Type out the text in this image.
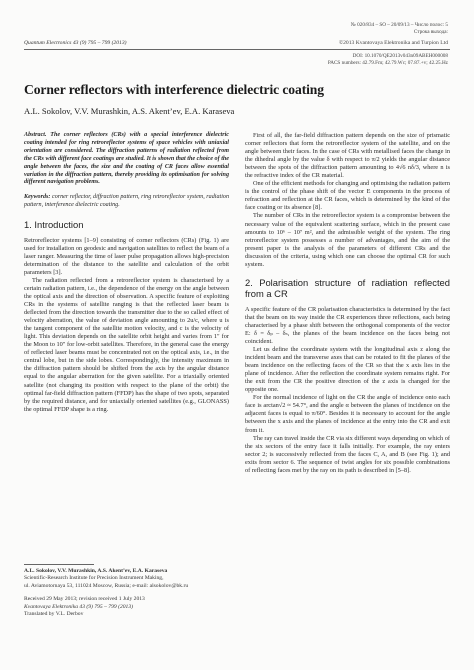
№ 020/834 – SO – 20/09/13 – Число полос: 5
Строка выхода:
Quantum Electronics 43 (9) 795 – 799 (2013)	©2013 Kvantovaya Elektronika and Turpion Ltd
DOI: 10.1070/QE2013v043n09ABEH000008
PACS numbers: 42.79.Fm; 42.79.Wc; 07.87.+v; 42.25.Hz
Corner reflectors with interference dielectric coating
A.L. Sokolov, V.V. Murashkin, A.S. Akent’ev, E.A. Karaseva
Abstract. The corner reflectors (CRs) with a special interference dielectric coating intended for ring retroreflector systems of space vehicles with uniaxial orientation are considered. The diffraction patterns of radiation reflected from the CRs with different face coatings are studied. It is shown that the choice of the angle between the faces, the size and the coating of CR faces allow essential variation in the diffraction pattern, thereby providing its optimisation for solving different navigation problems.
Keywords: corner reflector, diffraction pattern, ring retroreflector system, radiation pattern, interference dielectric coating.
1. Introduction

Retroreflector systems [1–9] consisting of corner reflectors (CRs) (Fig. 1) are used for installation on geodesic and navigation satellites to reflect the beam of a laser ranger. Measuring the time of laser pulse propagation allows high-precision determination of the distance to the satellite and calculation of the orbit parameters [3].

The radiation reflected from a retroreflector system is characterised by a certain radiation pattern, i.e., the dependence of the energy on the angle between the optical axis and the direction of observation. A specific feature of exploiting CRs in the systems of satellite ranging is that the reflected laser beam is deflected from the direction towards the transmitter due to the so called effect of velocity aberration, the value of deviation angle amounting to 2u/c, where u is the tangent component of the satellite motion velocity, and c is the velocity of light. This deviation depends on the satellite orbit height and varies from 1″ for the Moon to 10″ for low-orbit satellites. Therefore, in the general case the energy of reflected laser beams must be concentrated not on the optical axis, i.e., in the central lobe, but in the side lobes. Correspondingly, the intensity maximum in the diffraction pattern should be shifted from the axis by the angular distance equal to the angular aberration for the given satellite. For a triaxially oriented satellite (not changing its position with respect to the plane of the orbit) the optimal far-field diffraction pattern (FFDP) has the shape of two spots, separated by the required distance, and for uniaxially oriented satellites (e.g., GLONASS) the optimal FFDP shape is a ring.

A.L. Sokolov, V.V. Murashkin, A.S. Akent’ev, E.A. Karaseva
Scientific-Research Institute for Precision Instrument Making,
ul. Aviamotornaya 53, 111024 Moscow, Russia; e-mail: alsokolov@bk.ru
Received 29 May 2013; revision received 1 July 2013
Kvantovaya Elektronika 43 (9) 795 – 799 (2013)
Translated by V.L. Derbov

First of all, the far-field diffraction pattern depends on the size of prismatic corner reflectors that form the retroreflector system of the satellite, and on the angle between their faces. In the case of CRs with metallised faces the change in the dihedral angle by the value δ with respect to π/2 yields the angular distance between the spots of the diffraction pattern amounting to 4√6 nδ/3, where n is the refractive index of the CR material.

One of the efficient methods for changing and optimising the radiation pattern is the control of the phase shift of the vector E components in the process of refraction and reflection at the CR faces, which is determined by the kind of the face coating or its absence [8].

The number of CRs in the retroreflector system is a compromise between the necessary value of the equivalent scattering surface, which in the present case amounts to 10⁶ – 10⁷ m², and the admissible weight of the system. The ring retroreflector system possesses a number of advantages, and the aim of the present paper is the analysis of the parameters of different CRs and the discussion of the criteria, using which one can choose the optimal CR for such system.

2. Polarisation structure of radiation reflected from a CR

A specific feature of the CR polarisation characteristics is determined by the fact that the beam on its way inside the CR experiences three reflections, each being characterised by a phase shift between the orthogonal components of the vector E: δ = δₚ – δₛ, the planes of the beam incidence on the faces being not coincident.

Let us define the coordinate system with the longitudinal axis z along the incident beam and the transverse axes that can be rotated to fit the planes of the beam incidence on the reflecting faces of the CR so that the x axis lies in the plane of incidence. After the reflection the coordinate system remains right. For the exit from the CR the positive direction of the z axis is changed for the opposite one.

For the normal incidence of light on the CR the angle of incidence onto each face is arctan√2 ≈ 54.7°, and the angle α between the planes of incidence on the adjacent faces is equal to π/60°. Besides it is necessary to account for the angle between the x axis and the planes of incidence at the entry into the CR and exit from it.

The ray can travel inside the CR via six different ways depending on which of the six sectors of the entry face it falls initially. For example, the ray enters sector 2; is successively reflected from the faces C, A, and B (see Fig. 1); and exits from sector 6. The sequence of twist angles for six possible combinations of reflecting faces met by the ray on its path is described in [5–8].
